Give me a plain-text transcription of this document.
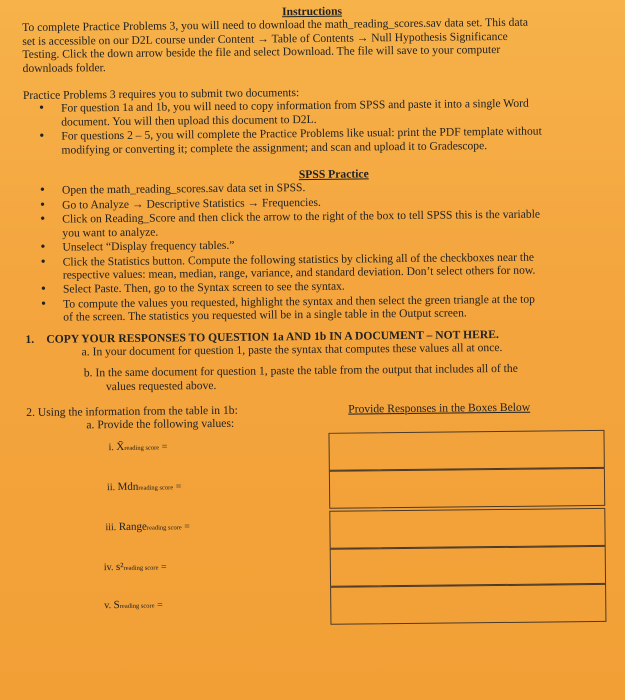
Instructions

To complete Practice Problems 3, you will need to download the math_reading_scores.sav data set. This data

set is accessible on our D2L course under Content → Table of Contents → Null Hypothesis Significance

Testing. Click the down arrow beside the file and select Download. The file will save to your computer

downloads folder.

Practice Problems 3 requires you to submit two documents:

• For question 1a and 1b, you will need to copy information from SPSS and paste it into a single Word

document. You will then upload this document to D2L.

• For questions 2 – 5, you will complete the Practice Problems like usual: print the PDF template without

modifying or converting it; complete the assignment; and scan and upload it to Gradescope.

SPSS Practice

• Open the math_reading_scores.sav data set in SPSS.

• Go to Analyze → Descriptive Statistics → Frequencies.

• Click on Reading_Score and then click the arrow to the right of the box to tell SPSS this is the variable

you want to analyze.

• Unselect “Display frequency tables.”

• Click the Statistics button. Compute the following statistics by clicking all of the checkboxes near the

respective values: mean, median, range, variance, and standard deviation. Don’t select others for now.

• Select Paste. Then, go to the Syntax screen to see the syntax.

• To compute the values you requested, highlight the syntax and then select the green triangle at the top

of the screen. The statistics you requested will be in a single table in the Output screen.

1. COPY YOUR RESPONSES TO QUESTION 1a AND 1b IN A DOCUMENT – NOT HERE.

a. In your document for question 1, paste the syntax that computes these values all at once.

b. In the same document for question 1, paste the table from the output that includes all of the

values requested above.

2. Using the information from the table in 1b:	Provide Responses in the Boxes Below
a. Provide the following values:
i. X̄reading score =
ii. Mdnreading score =
iii. Rangereading score =
iv. s²reading score =
v. Sreading score =
